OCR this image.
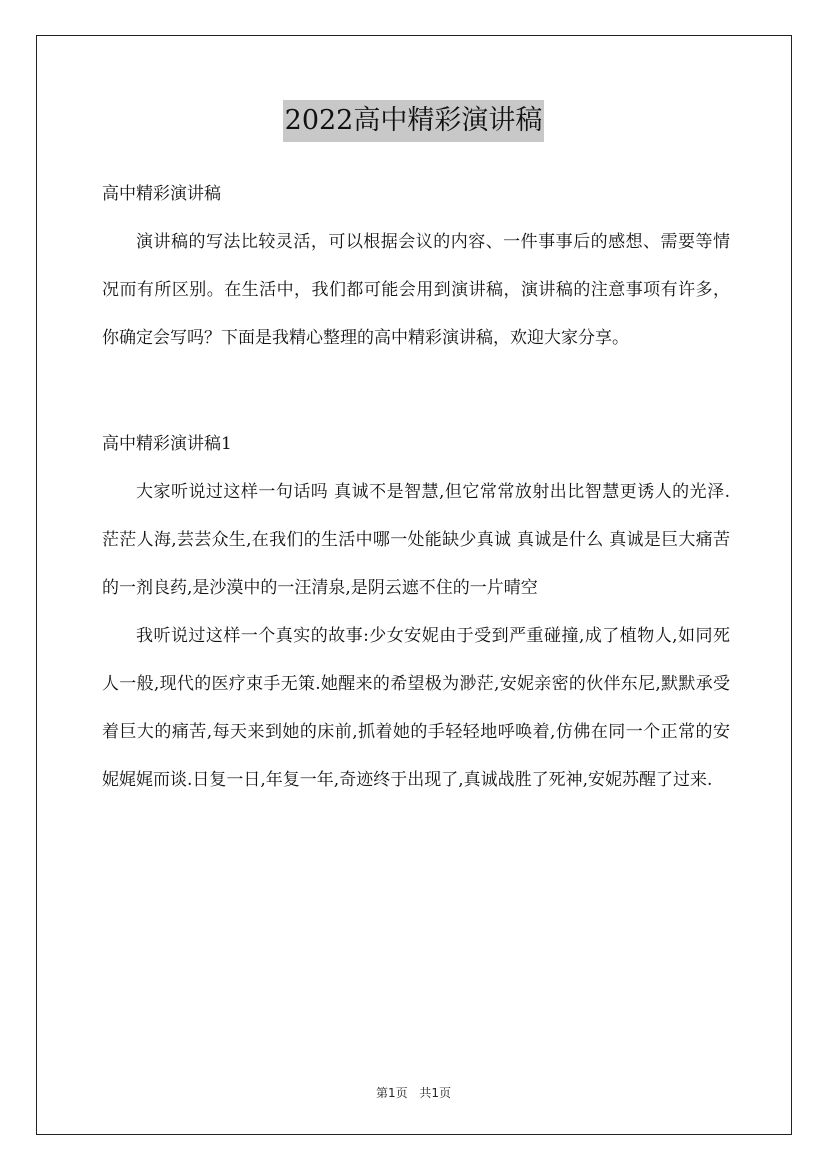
2022高中精彩演讲稿

高中精彩演讲稿

演讲稿的写法比较灵活，可以根据会议的内容、一件事事后的感想、需要等情况而有所区别。在生活中，我们都可能会用到演讲稿，演讲稿的注意事项有许多，你确定会写吗？下面是我精心整理的高中精彩演讲稿，欢迎大家分享。

高中精彩演讲稿1

大家听说过这样一句话吗 真诚不是智慧,但它常常放射出比智慧更诱人的光泽.茫茫人海,芸芸众生,在我们的生活中哪一处能缺少真诚 真诚是什么 真诚是巨大痛苦的一剂良药,是沙漠中的一汪清泉,是阴云遮不住的一片晴空

我听说过这样一个真实的故事:少女安妮由于受到严重碰撞,成了植物人,如同死人一般,现代的医疗束手无策.她醒来的希望极为渺茫,安妮亲密的伙伴东尼,默默承受着巨大的痛苦,每天来到她的床前,抓着她的手轻轻地呼唤着,仿佛在同一个正常的安妮娓娓而谈.日复一日,年复一年,奇迹终于出现了,真诚战胜了死神,安妮苏醒了过来.

第1页 共1页
